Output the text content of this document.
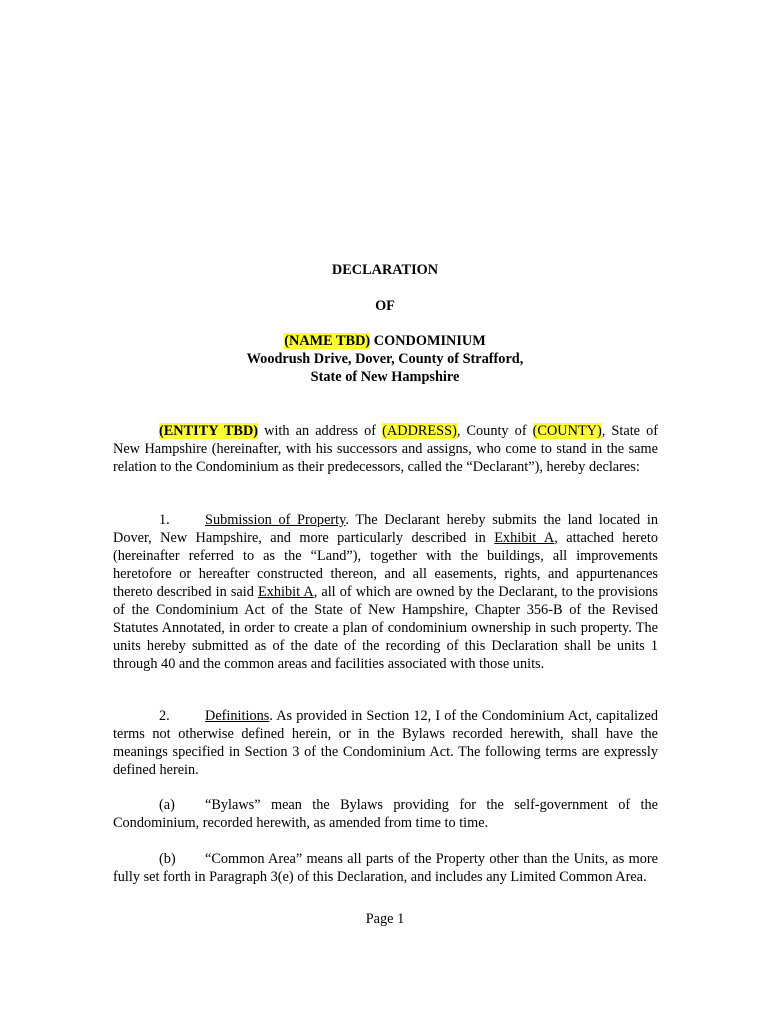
DECLARATION
OF
(NAME TBD) CONDOMINIUM
Woodrush Drive, Dover, County of Strafford,
State of New Hampshire
(ENTITY TBD) with an address of (ADDRESS), County of (COUNTY), State of New Hampshire (hereinafter, with his successors and assigns, who come to stand in the same relation to the Condominium as their predecessors, called the “Declarant”), hereby declares:
1. Submission of Property. The Declarant hereby submits the land located in Dover, New Hampshire, and more particularly described in Exhibit A, attached hereto (hereinafter referred to as the “Land”), together with the buildings, all improvements heretofore or hereafter constructed thereon, and all easements, rights, and appurtenances thereto described in said Exhibit A, all of which are owned by the Declarant, to the provisions of the Condominium Act of the State of New Hampshire, Chapter 356-B of the Revised Statutes Annotated, in order to create a plan of condominium ownership in such property. The units hereby submitted as of the date of the recording of this Declaration shall be units 1 through 40 and the common areas and facilities associated with those units.
2. Definitions. As provided in Section 12, I of the Condominium Act, capitalized terms not otherwise defined herein, or in the Bylaws recorded herewith, shall have the meanings specified in Section 3 of the Condominium Act. The following terms are expressly defined herein.
(a) “Bylaws” mean the Bylaws providing for the self-government of the Condominium, recorded herewith, as amended from time to time.
(b) “Common Area” means all parts of the Property other than the Units, as more fully set forth in Paragraph 3(e) of this Declaration, and includes any Limited Common Area.
Page 1
